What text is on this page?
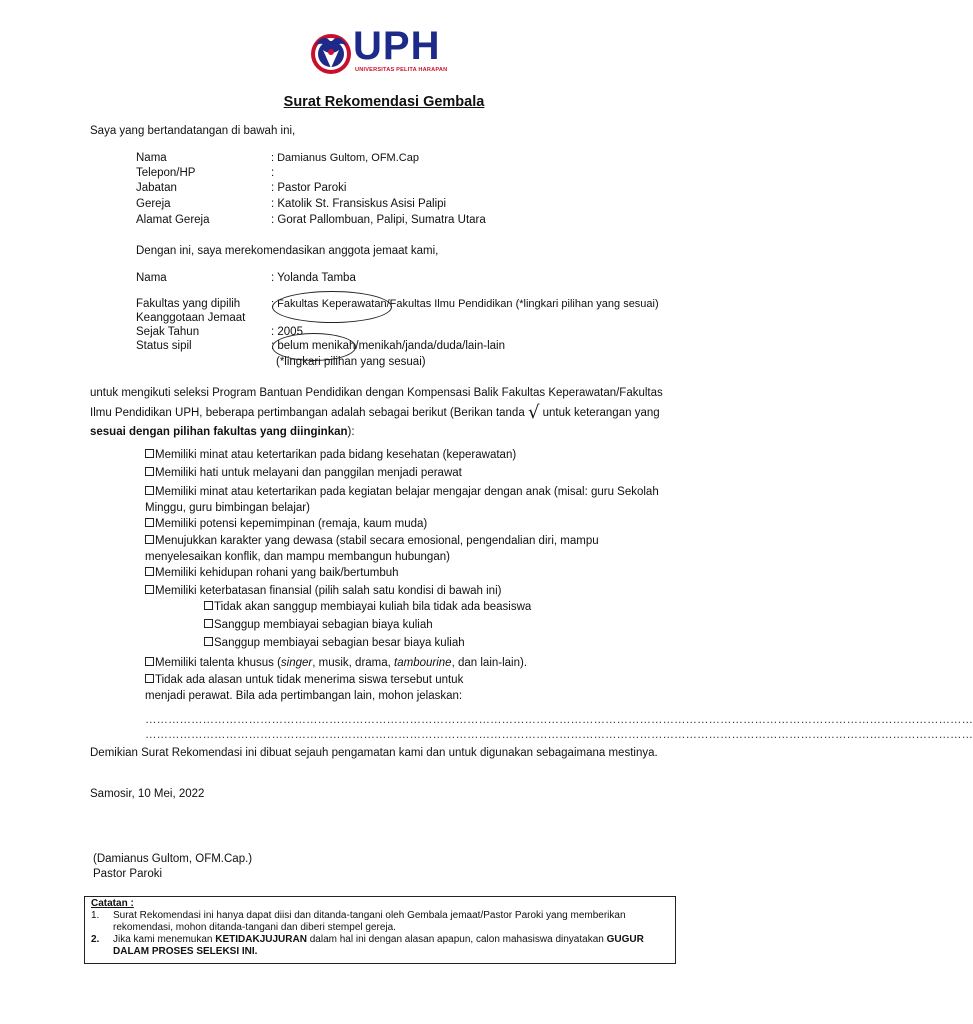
UPH
UNIVERSITAS PELITA HARAPAN
Surat Rekomendasi Gembala
Saya yang bertandatangan di bawah ini,
Nama	: Damianus Gultom, OFM.Cap
Telepon/HP	:
Jabatan	: Pastor Paroki
Gereja	: Katolik St. Fransiskus Asisi Palipi
Alamat Gereja	: Gorat Pallombuan, Palipi, Sumatra Utara
Dengan ini, saya merekomendasikan anggota jemaat kami,
Nama	: Yolanda Tamba
Fakultas yang dipilih	: Fakultas Keperawatan/Fakultas Ilmu Pendidikan (*lingkari pilihan yang sesuai)
Keanggotaan Jemaat
Sejak Tahun	: 2005
Status sipil	: belum menikah/menikah/janda/duda/lain-lain
(*lingkari pilihan yang sesuai)
untuk mengikuti seleksi Program Bantuan Pendidikan dengan Kompensasi Balik Fakultas Keperawatan/Fakultas Ilmu Pendidikan UPH, beberapa pertimbangan adalah sebagai berikut (Berikan tanda √ untuk keterangan yang sesuai dengan pilihan fakultas yang diinginkan):
Memiliki minat atau ketertarikan pada bidang kesehatan (keperawatan)
Memiliki hati untuk melayani dan panggilan menjadi perawat
Memiliki minat atau ketertarikan pada kegiatan belajar mengajar dengan anak (misal: guru Sekolah Minggu, guru bimbingan belajar)
Memiliki potensi kepemimpinan (remaja, kaum muda)
Menujukkan karakter yang dewasa (stabil secara emosional, pengendalian diri, mampu menyelesaikan konflik, dan mampu membangun hubungan)
Memiliki kehidupan rohani yang baik/bertumbuh
Memiliki keterbatasan finansial (pilih salah satu kondisi di bawah ini)
Tidak akan sanggup membiayai kuliah bila tidak ada beasiswa
Sanggup membiayai sebagian biaya kuliah
Sanggup membiayai sebagian besar biaya kuliah
Memiliki talenta khusus (singer, musik, drama, tambourine, dan lain-lain).
Tidak ada alasan untuk tidak menerima siswa tersebut untuk menjadi perawat. Bila ada pertimbangan lain, mohon jelaskan:
………………………………………………………………………………………………………………………………………………………………………………………………
………………………………………………………………………………………………………………………………………………………………………………………………
Demikian Surat Rekomendasi ini dibuat sejauh pengamatan kami dan untuk digunakan sebagaimana mestinya.
Samosir, 10 Mei, 2022
(Damianus Gultom, OFM.Cap.)
Pastor Paroki
Catatan :
1. Surat Rekomendasi ini hanya dapat diisi dan ditanda-tangani oleh Gembala jemaat/Pastor Paroki yang memberikan rekomendasi, mohon ditanda-tangani dan diberi stempel gereja.
2. Jika kami menemukan KETIDAKJUJURAN dalam hal ini dengan alasan apapun, calon mahasiswa dinyatakan GUGUR DALAM PROSES SELEKSI INI.
